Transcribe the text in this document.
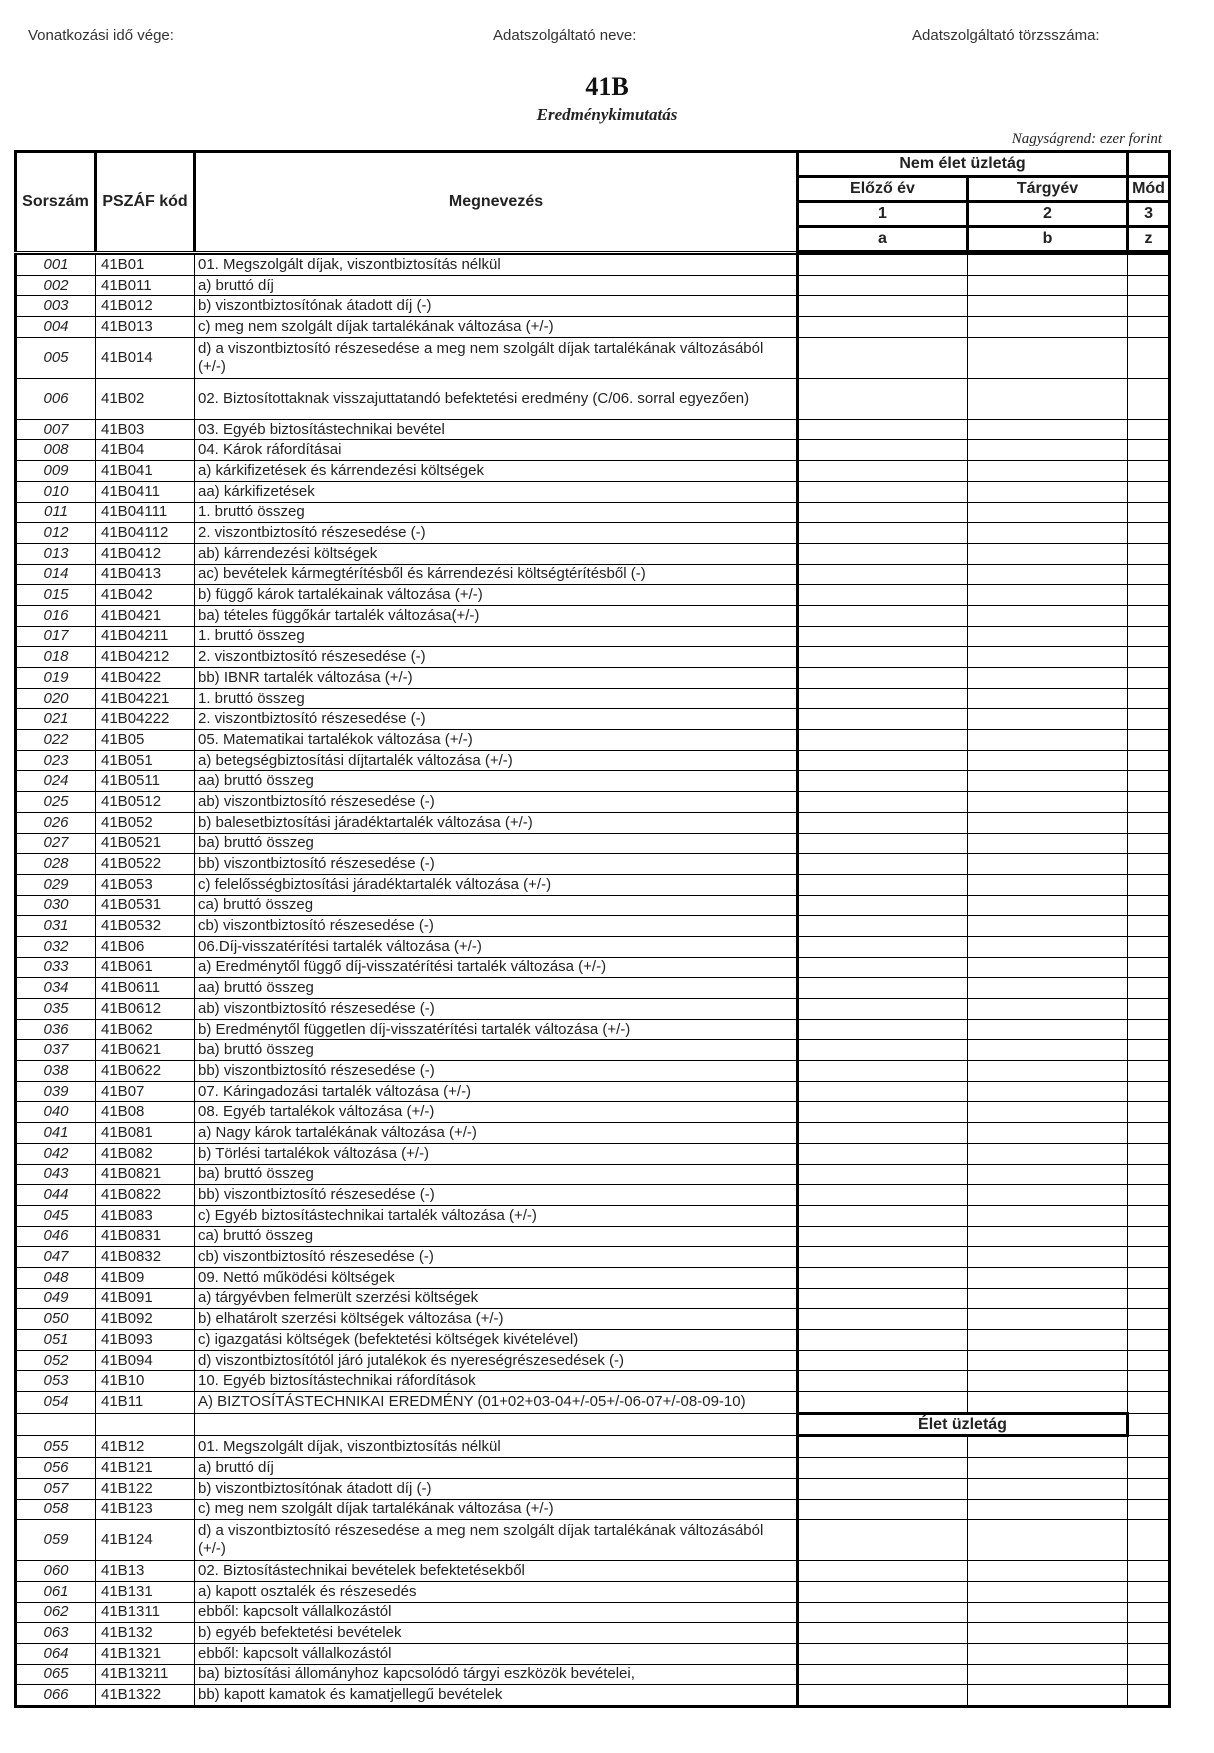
Vonatkozási idő vége:	Adatszolgáltató neve:	Adatszolgáltató törzsszáma:
41B
Eredménykimutatás
Nagyságrend: ezer forint
Sorszám	PSZÁF kód	Megnevezés	Nem élet üzletág		
			Előző év	Tárgyév	Mód
			1	2	3
			a	b	z
001	41B01	01. Megszolgált díjak, viszontbiztosítás nélkül			
002	41B011	a) bruttó díj			
003	41B012	b) viszontbiztosítónak átadott díj (-)			
004	41B013	c) meg nem szolgált díjak tartalékának változása (+/-)			
005	41B014	d) a viszontbiztosító részesedése a meg nem szolgált díjak tartalékának változásából (+/-)			
006	41B02	02. Biztosítottaknak visszajuttatandó befektetési eredmény (C/06. sorral egyezően)			
007	41B03	03. Egyéb biztosítástechnikai bevétel			
008	41B04	04. Károk ráfordításai			
009	41B041	a) kárkifizetések és kárrendezési költségek			
010	41B0411	aa) kárkifizetések			
011	41B04111	1. bruttó összeg			
012	41B04112	2. viszontbiztosító részesedése (-)			
013	41B0412	ab) kárrendezési költségek			
014	41B0413	ac) bevételek kármegtérítésből és kárrendezési költségtérítésből (-)			
015	41B042	b) függő károk tartalékainak változása (+/-)			
016	41B0421	ba) tételes függőkár tartalék változása(+/-)			
017	41B04211	1. bruttó összeg			
018	41B04212	2. viszontbiztosító részesedése (-)			
019	41B0422	bb) IBNR tartalék változása (+/-)			
020	41B04221	1. bruttó összeg			
021	41B04222	2. viszontbiztosító részesedése (-)			
022	41B05	05. Matematikai tartalékok változása (+/-)			
023	41B051	a) betegségbiztosítási díjtartalék változása (+/-)			
024	41B0511	aa) bruttó összeg			
025	41B0512	ab) viszontbiztosító részesedése (-)			
026	41B052	b) balesetbiztosítási járadéktartalék változása (+/-)			
027	41B0521	ba) bruttó összeg			
028	41B0522	bb) viszontbiztosító részesedése (-)			
029	41B053	c) felelősségbiztosítási járadéktartalék változása (+/-)			
030	41B0531	ca) bruttó összeg			
031	41B0532	cb) viszontbiztosító részesedése (-)			
032	41B06	06.Díj-visszatérítési tartalék változása (+/-)			
033	41B061	a) Eredménytől függő díj-visszatérítési tartalék változása (+/-)			
034	41B0611	aa) bruttó összeg			
035	41B0612	ab) viszontbiztosító részesedése (-)			
036	41B062	b) Eredménytől független díj-visszatérítési tartalék változása (+/-)			
037	41B0621	ba) bruttó összeg			
038	41B0622	bb) viszontbiztosító részesedése (-)			
039	41B07	07. Káringadozási tartalék változása (+/-)			
040	41B08	08. Egyéb tartalékok változása (+/-)			
041	41B081	a) Nagy károk tartalékának változása (+/-)			
042	41B082	b) Törlési tartalékok változása (+/-)			
043	41B0821	ba) bruttó összeg			
044	41B0822	bb) viszontbiztosító részesedése (-)			
045	41B083	c) Egyéb biztosítástechnikai tartalék változása (+/-)			
046	41B0831	ca) bruttó összeg			
047	41B0832	cb) viszontbiztosító részesedése (-)			
048	41B09	09. Nettó működési költségek			
049	41B091	a) tárgyévben felmerült szerzési költségek			
050	41B092	b) elhatárolt szerzési költségek változása (+/-)			
051	41B093	c) igazgatási költségek (befektetési költségek kivételével)			
052	41B094	d) viszontbiztosítótól járó jutalékok és nyereségrészesedések (-)			
053	41B10	10. Egyéb biztosítástechnikai ráfordítások			
054	41B11	A) BIZTOSÍTÁSTECHNIKAI EREDMÉNY (01+02+03-04+/-05+/-06-07+/-08-09-10)			
			Élet üzletág		
055	41B12	01. Megszolgált díjak, viszontbiztosítás nélkül			
056	41B121	a) bruttó díj			
057	41B122	b) viszontbiztosítónak átadott díj (-)			
058	41B123	c) meg nem szolgált díjak tartalékának változása (+/-)			
059	41B124	d) a viszontbiztosító részesedése a meg nem szolgált díjak tartalékának változásából (+/-)			
060	41B13	02. Biztosítástechnikai bevételek befektetésekből			
061	41B131	a) kapott osztalék és részesedés			
062	41B1311	ebből: kapcsolt vállalkozástól			
063	41B132	b) egyéb befektetési bevételek			
064	41B1321	ebből: kapcsolt vállalkozástól			
065	41B13211	ba) biztosítási állományhoz kapcsolódó tárgyi eszközök bevételei,			
066	41B1322	bb) kapott kamatok és kamatjellegű bevételek			
